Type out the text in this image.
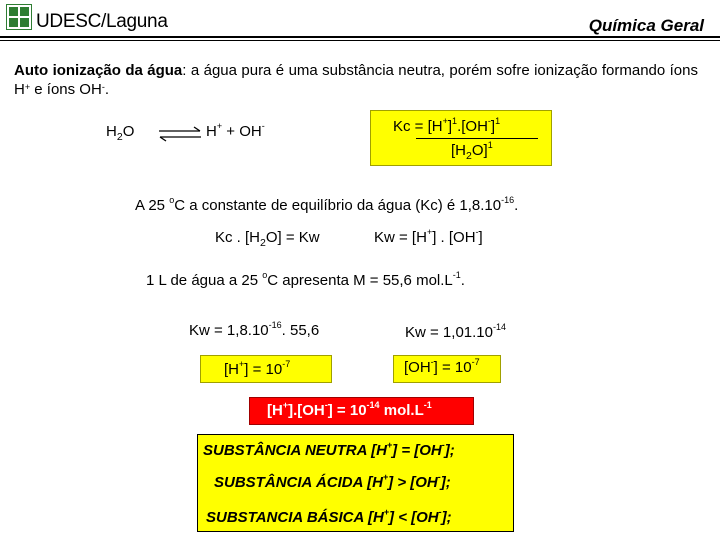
UDESC/Laguna	Química Geral
Auto ionização da água: a água pura é uma substância neutra, porém sofre ionização formando íons H+ e íons OH-.
$H_2O$	H+ + OH-	$Kc = [H^+]^1.[OH^-]^1$
$[H_2O]^1$
A 25 $^o$C a constante de equilíbrio da água (Kc) é $1,8.10^{-16}$.
Kc . $[H_2O] = Kw$	Kw = [H+] . [OH-]
1 L de água a 25 $^o$C apresenta M = 55,6 $mol.L^{-1}$.
$Kw = 1,8.10^{-16}$. 55,6	$Kw = 1,01.10^{-14}$
$[H^+] = 10^{-7}$	$[OH^-] = 10^{-7}$
$[H^+].[OH^-] = 10^{-14}$ $mol.L^{-1}$
SUBSTÂNCIA NEUTRA [H+] = [OH-];
SUBSTÂNCIA ÁCIDA [H+] > [OH-];
SUBSTANCIA BÁSICA [H+] < [OH-];
